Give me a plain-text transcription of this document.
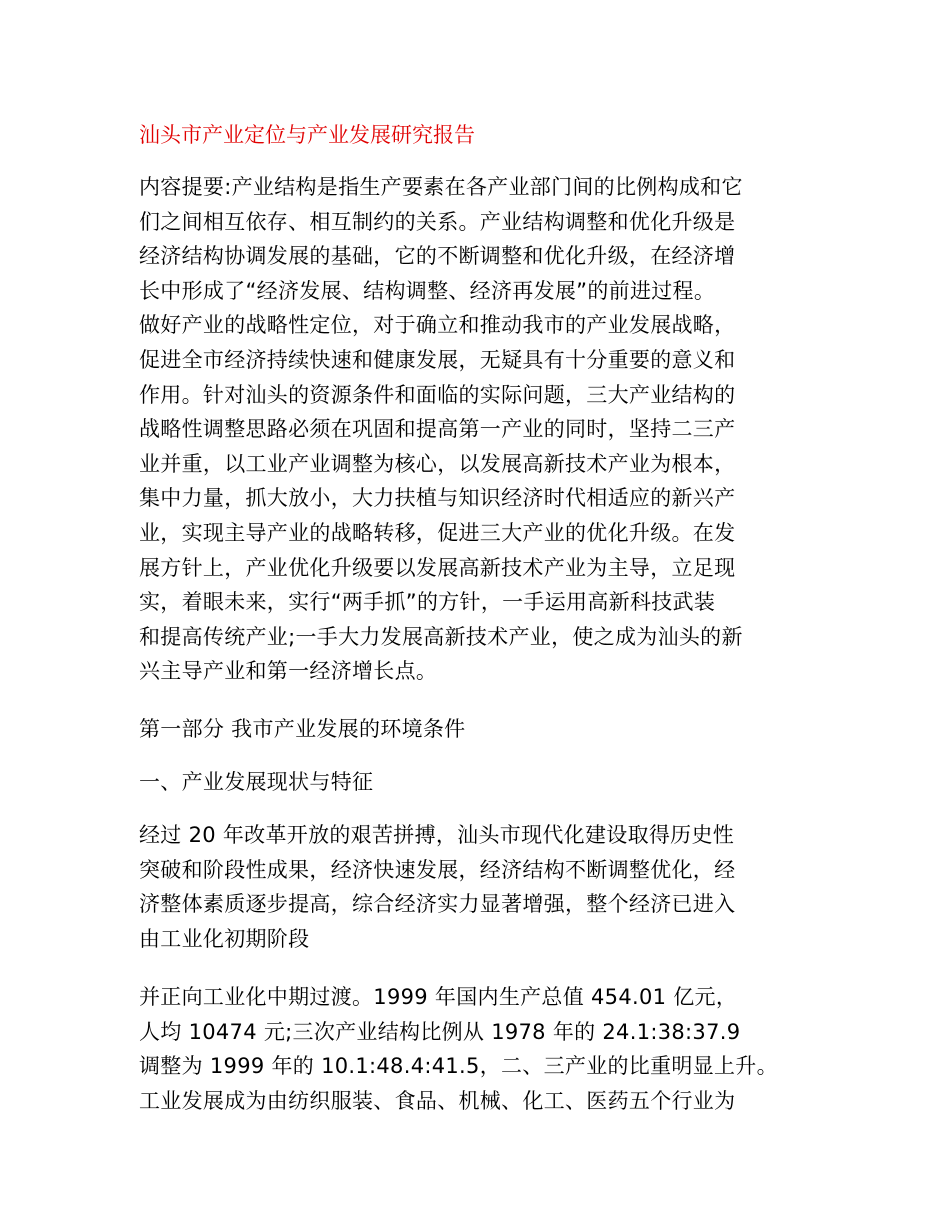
汕头市产业定位与产业发展研究报告
内容提要:产业结构是指生产要素在各产业部门间的比例构成和它
们之间相互依存、相互制约的关系。产业结构调整和优化升级是
经济结构协调发展的基础，它的不断调整和优化升级，在经济增
长中形成了“经济发展、结构调整、经济再发展”的前进过程。
做好产业的战略性定位，对于确立和推动我市的产业发展战略，
促进全市经济持续快速和健康发展，无疑具有十分重要的意义和
作用。针对汕头的资源条件和面临的实际问题，三大产业结构的
战略性调整思路必须在巩固和提高第一产业的同时，坚持二三产
业并重，以工业产业调整为核心，以发展高新技术产业为根本，
集中力量，抓大放小，大力扶植与知识经济时代相适应的新兴产
业，实现主导产业的战略转移，促进三大产业的优化升级。在发
展方针上，产业优化升级要以发展高新技术产业为主导，立足现
实，着眼未来，实行“两手抓”的方针，一手运用高新科技武装
和提高传统产业;一手大力发展高新技术产业，使之成为汕头的新
兴主导产业和第一经济增长点。
第一部分 我市产业发展的环境条件
一、产业发展现状与特征
经过 20 年改革开放的艰苦拼搏，汕头市现代化建设取得历史性
突破和阶段性成果，经济快速发展，经济结构不断调整优化，经
济整体素质逐步提高，综合经济实力显著增强，整个经济已进入
由工业化初期阶段
并正向工业化中期过渡。1999 年国内生产总值 454.01 亿元，
人均 10474 元;三次产业结构比例从 1978 年的 24.1:38:37.9
调整为 1999 年的 10.1:48.4:41.5，二、三产业的比重明显上升。
工业发展成为由纺织服装、食品、机械、化工、医药五个行业为
